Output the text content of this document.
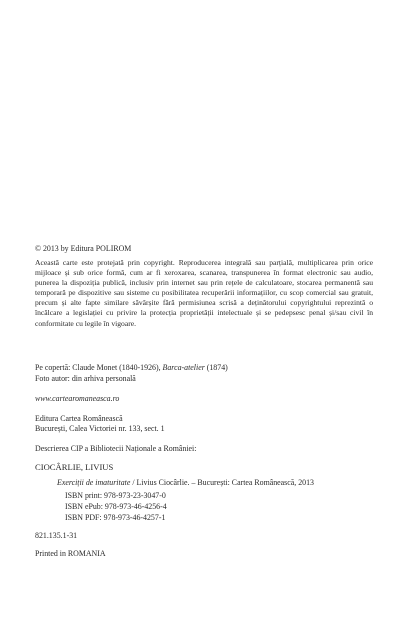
© 2013 by Editura POLIROM

Această carte este protejată prin copyright. Reproducerea integrală sau parțială, multiplicarea prin orice mijloace și sub orice formă, cum ar fi xeroxarea, scanarea, transpunerea în format electronic sau audio, punerea la dispoziția publică, inclusiv prin internet sau prin rețele de calculatoare, stocarea permanentă sau temporară pe dispozitive sau sisteme cu posibilitatea recuperării informațiilor, cu scop comercial sau gratuit, precum și alte fapte similare săvârșite fără permisiunea scrisă a deținătorului copyrightului reprezintă o încălcare a legislației cu privire la protecția proprietății intelectuale și se pedepsesc penal și/sau civil în conformitate cu legile în vigoare.

Pe copertă: Claude Monet (1840-1926), Barca-atelier (1874)

Foto autor: din arhiva personală

www.cartearomaneasca.ro

Editura Cartea Românească

București, Calea Victoriei nr. 133, sect. 1

Descrierea CIP a Bibliotecii Naționale a României:

CIOCÂRLIE, LIVIUS

Exerciții de imaturitate / Livius Ciocârlie. – București: Cartea Românească, 2013

ISBN print: 978-973-23-3047-0

ISBN ePub: 978-973-46-4256-4

ISBN PDF: 978-973-46-4257-1

821.135.1-31

Printed in ROMANIA
